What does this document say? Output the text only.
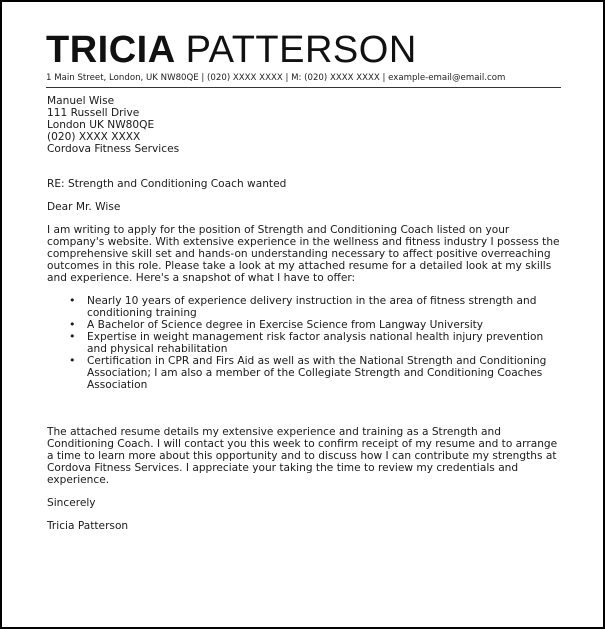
TRICIA PATTERSON
1 Main Street, London, UK NW80QE | (020) XXXX XXXX | M: (020) XXXX XXXX | example-email@email.com
Manuel Wise
111 Russell Drive
London UK NW80QE
(020) XXXX XXXX
Cordova Fitness Services

RE: Strength and Conditioning Coach wanted

Dear Mr. Wise

I am writing to apply for the position of Strength and Conditioning Coach listed on your company's website. With extensive experience in the wellness and fitness industry I possess the comprehensive skill set and hands-on understanding necessary to affect positive overreaching outcomes in this role. Please take a look at my attached resume for a detailed look at my skills and experience. Here's a snapshot of what I have to offer:

• Nearly 10 years of experience delivery instruction in the area of fitness strength and conditioning training
• A Bachelor of Science degree in Exercise Science from Langway University
• Expertise in weight management risk factor analysis national health injury prevention and physical rehabilitation
• Certification in CPR and Firs Aid as well as with the National Strength and Conditioning Association; I am also a member of the Collegiate Strength and Conditioning Coaches Association

The attached resume details my extensive experience and training as a Strength and Conditioning Coach. I will contact you this week to confirm receipt of my resume and to arrange a time to learn more about this opportunity and to discuss how I can contribute my strengths at Cordova Fitness Services. I appreciate your taking the time to review my credentials and experience.

Sincerely

Tricia Patterson
